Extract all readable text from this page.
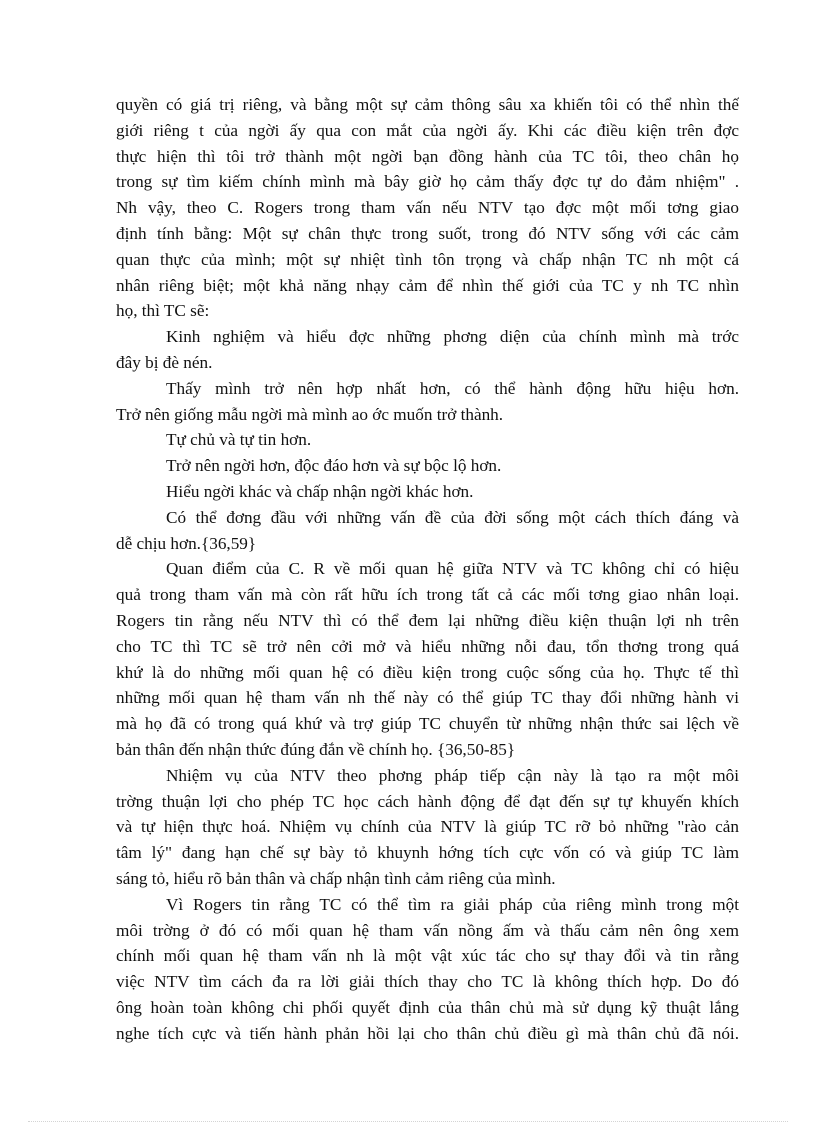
quyền có giá trị riêng, và bằng một sự cảm thông sâu xa khiến tôi có thể nhìn thế
giới riêng t của ngời ấy qua con mắt của ngời ấy. Khi các điều kiện trên đợc
thực hiện thì tôi trở thành một ngời bạn đồng hành của TC tôi, theo chân họ
trong sự tìm kiếm chính mình mà bây giờ họ cảm thấy đợc tự do đảm nhiệm" .
Nh vậy, theo C. Rogers trong tham vấn nếu NTV tạo đợc một mối tơng giao
định tính bằng: Một sự chân thực trong suốt, trong đó NTV sống với các cảm
quan thực của mình; một sự nhiệt tình tôn trọng và chấp nhận TC nh một cá
nhân riêng biệt; một khả năng nhạy cảm để nhìn thế giới của TC y nh TC nhìn
họ, thì TC sẽ:
Kinh nghiệm và hiểu đợc những phơng diện của chính mình mà trớc
đây bị đè nén.
Thấy mình trở nên hợp nhất hơn, có thể hành động hữu hiệu hơn.
Trở nên giống mẫu ngời mà mình ao ớc muốn trở thành.
Tự chủ và tự tin hơn.
Trở nên ngời hơn, độc đáo hơn và sự bộc lộ hơn.
Hiểu ngời khác và chấp nhận ngời khác hơn.
Có thể đơng đầu với những vấn đề của đời sống một cách thích đáng và
dễ chịu hơn.{36,59}
Quan điểm của C. R về mối quan hệ giữa NTV và TC không chỉ có hiệu
quả trong tham vấn mà còn rất hữu ích trong tất cả các mối tơng giao nhân loại.
Rogers tin rằng nếu NTV thì có thể đem lại những điều kiện thuận lợi nh trên
cho TC thì TC sẽ trở nên cởi mở và hiểu những nỗi đau, tổn thơng trong quá
khứ là do những mối quan hệ có điều kiện trong cuộc sống của họ. Thực tế thì
những mối quan hệ tham vấn nh thế này có thể giúp TC thay đổi những hành vi
mà họ đã có trong quá khứ và trợ giúp TC chuyển từ những nhận thức sai lệch về
bản thân đến nhận thức đúng đắn về chính họ. {36,50-85}
Nhiệm vụ của NTV theo phơng pháp tiếp cận này là tạo ra một môi
trờng thuận lợi cho phép TC học cách hành động để đạt đến sự tự khuyến khích
và tự hiện thực hoá. Nhiệm vụ chính của NTV là giúp TC rỡ bỏ những "rào cản
tâm lý" đang hạn chế sự bày tỏ khuynh hớng tích cực vốn có và giúp TC làm
sáng tỏ, hiểu rõ bản thân và chấp nhận tình cảm riêng của mình.
Vì Rogers tin rằng TC có thể tìm ra giải pháp của riêng mình trong một
môi trờng ở đó có mối quan hệ tham vấn nồng ấm và thấu cảm nên ông xem
chính mối quan hệ tham vấn nh là một vật xúc tác cho sự thay đổi và tin rằng
việc NTV tìm cách đa ra lời giải thích thay cho TC là không thích hợp. Do đó
ông hoàn toàn không chi phối quyết định của thân chủ mà sử dụng kỹ thuật lắng
nghe tích cực và tiến hành phản hồi lại cho thân chủ điều gì mà thân chủ đã nói.
